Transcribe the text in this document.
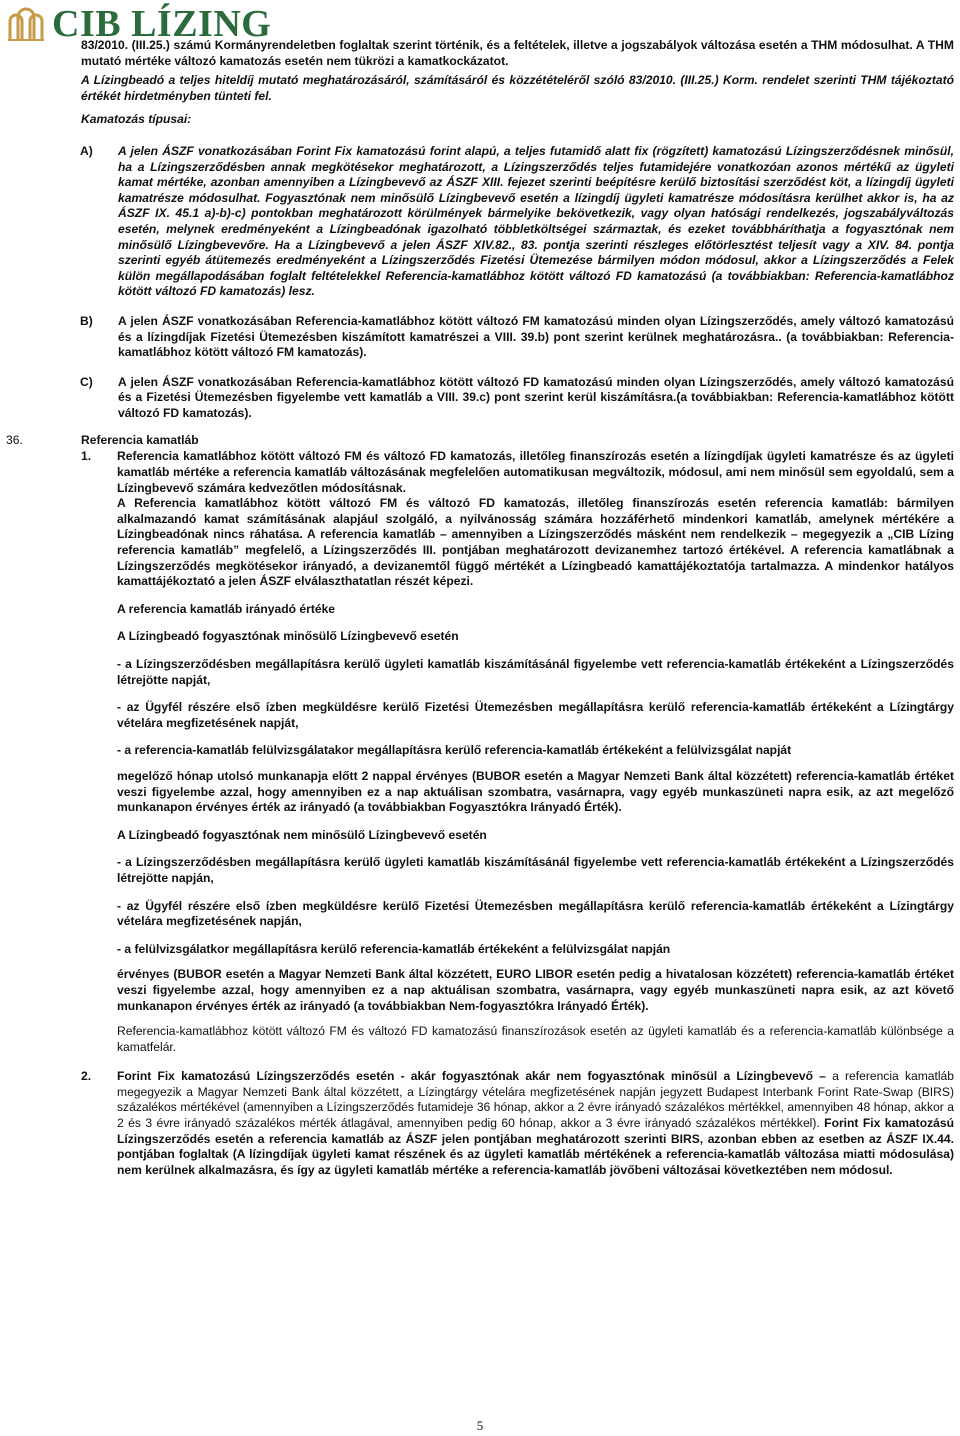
CIB LÍZING

83/2010. (III.25.) számú Kormányrendeletben foglaltak szerint történik, és a feltételek, illetve a jogszabályok változása esetén a THM módosulhat. A THM mutató mértéke változó kamatozás esetén nem tükrözi a kamatkockázatot.

A Lízingbeadó a teljes hiteldíj mutató meghatározásáról, számításáról és közzétételéről szóló 83/2010. (III.25.) Korm. rendelet szerinti THM tájékoztató értékét hirdetményben tünteti fel.

Kamatozás típusai:

A) A jelen ÁSZF vonatkozásában Forint Fix kamatozású forint alapú, a teljes futamidő alatt fix (rögzített) kamatozású Lízingszerződésnek minősül, ha a Lízingszerződésben annak megkötésekor meghatározott, a Lízingszerződés teljes futamidejére vonatkozóan azonos mértékű az ügyleti kamat mértéke, azonban amennyiben a Lízingbevevő az ÁSZF XIII. fejezet szerinti beépítésre kerülő biztosítási szerződést köt, a lízingdíj ügyleti kamatrésze módosulhat. Fogyasztónak nem minősülő Lízingbevevő esetén a lízingdíj ügyleti kamatrésze módosításra kerülhet akkor is, ha az ÁSZF IX. 45.1 a)-b)-c) pontokban meghatározott körülmények bármelyike bekövetkezik, vagy olyan hatósági rendelkezés, jogszabályváltozás esetén, melynek eredményeként a Lízingbeadónak igazolható többletköltségei származtak, és ezeket továbbháríthatja a fogyasztónak nem minősülő Lízingbevevőre. Ha a Lízingbevevő a jelen ÁSZF XIV.82., 83. pontja szerinti részleges előtörlesztést teljesít vagy a XIV. 84. pontja szerinti egyéb átütemezés eredményeként a Lízingszerződés Fizetési Ütemezése bármilyen módon módosul, akkor a Lízingszerződés a Felek külön megállapodásában foglalt feltételekkel Referencia-kamatlábhoz kötött változó FD kamatozású (a továbbiakban: Referencia-kamatlábhoz kötött változó FD kamatozás) lesz.

B) A jelen ÁSZF vonatkozásában Referencia-kamatlábhoz kötött változó FM kamatozású minden olyan Lízingszerződés, amely változó kamatozású és a lízingdíjak Fizetési Ütemezésben kiszámított kamatrészei a VIII. 39.b) pont szerint kerülnek meghatározásra.. (a továbbiakban: Referencia-kamatlábhoz kötött változó FM kamatozás).

C) A jelen ÁSZF vonatkozásában Referencia-kamatlábhoz kötött változó FD kamatozású minden olyan Lízingszerződés, amely változó kamatozású és a Fizetési Ütemezésben figyelembe vett kamatláb a VIII. 39.c) pont szerint kerül kiszámításra.(a továbbiakban: Referencia-kamatlábhoz kötött változó FD kamatozás).

36.	Referencia kamatláb
1. Referencia kamatlábhoz kötött változó FM és változó FD kamatozás, illetőleg finanszírozás esetén a lízingdíjak ügyleti kamatrésze és az ügyleti kamatláb mértéke a referencia kamatláb változásának megfelelően automatikusan megváltozik, módosul, ami nem minősül sem egyoldalú, sem a Lízingbevevő számára kedvezőtlen módosításnak.

A Referencia kamatlábhoz kötött változó FM és változó FD kamatozás, illetőleg finanszírozás esetén referencia kamatláb: bármilyen alkalmazandó kamat számításának alapjául szolgáló, a nyilvánosság számára hozzáférhető mindenkori kamatláb, amelynek mértékére a Lízingbeadónak nincs ráhatása. A referencia kamatláb – amennyiben a Lízingszerződés másként nem rendelkezik – megegyezik a „CIB Lízing referencia kamatláb” megfelelő, a Lízingszerződés III. pontjában meghatározott devizanemhez tartozó értékével. A referencia kamatlábnak a Lízingszerződés megkötésekor irányadó, a devizanemtől függő mértékét a Lízingbeadó kamattájékoztatója tartalmazza. A mindenkor hatályos kamattájékoztató a jelen ÁSZF elválaszthatatlan részét képezi.

A referencia kamatláb irányadó értéke

A Lízingbeadó fogyasztónak minősülő Lízingbevevő esetén

- a Lízingszerződésben megállapításra kerülő ügyleti kamatláb kiszámításánál figyelembe vett referencia-kamatláb értékeként a Lízingszerződés létrejötte napját,

- az Ügyfél részére első ízben megküldésre kerülő Fizetési Ütemezésben megállapításra kerülő referencia-kamatláb értékeként a Lízingtárgy vételára megfizetésének napját,

- a referencia-kamatláb felülvizsgálatakor megállapításra kerülő referencia-kamatláb értékeként a felülvizsgálat napját

megelőző hónap utolsó munkanapja előtt 2 nappal érvényes (BUBOR esetén a Magyar Nemzeti Bank által közzétett) referencia-kamatláb értéket veszi figyelembe azzal, hogy amennyiben ez a nap aktuálisan szombatra, vasárnapra, vagy egyéb munkaszüneti napra esik, az azt megelőző munkanapon érvényes érték az irányadó (a továbbiakban Fogyasztókra Irányadó Érték).

A Lízingbeadó fogyasztónak nem minősülő Lízingbevevő esetén

- a Lízingszerződésben megállapításra kerülő ügyleti kamatláb kiszámításánál figyelembe vett referencia-kamatláb értékeként a Lízingszerződés létrejötte napján,

- az Ügyfél részére első ízben megküldésre kerülő Fizetési Ütemezésben megállapításra kerülő referencia-kamatláb értékeként a Lízingtárgy vételára megfizetésének napján,

- a felülvizsgálatkor megállapításra kerülő referencia-kamatláb értékeként a felülvizsgálat napján

érvényes (BUBOR esetén a Magyar Nemzeti Bank által közzétett, EURO LIBOR esetén pedig a hivatalosan közzétett) referencia-kamatláb értéket veszi figyelembe azzal, hogy amennyiben ez a nap aktuálisan szombatra, vasárnapra, vagy egyéb munkaszüneti napra esik, az azt követő munkanapon érvényes érték az irányadó (a továbbiakban Nem-fogyasztókra Irányadó Érték).

Referencia-kamatlábhoz kötött változó FM és változó FD kamatozású finanszírozások esetén az ügyleti kamatláb és a referencia-kamatláb különbsége a kamatfelár.

2. Forint Fix kamatozású Lízingszerződés esetén - akár fogyasztónak akár nem fogyasztónak minősül a Lízingbevevő – a referencia kamatláb megegyezik a Magyar Nemzeti Bank által közzétett, a Lízingtárgy vételára megfizetésének napján jegyzett Budapest Interbank Forint Rate-Swap (BIRS) százalékos mértékével (amennyiben a Lízingszerződés futamideje 36 hónap, akkor a 2 évre irányadó százalékos mértékkel, amennyiben 48 hónap, akkor a 2 és 3 évre irányadó százalékos mérték átlagával, amennyiben pedig 60 hónap, akkor a 3 évre irányadó százalékos mértékkel). Forint Fix kamatozású Lízingszerződés esetén a referencia kamatláb az ÁSZF jelen pontjában meghatározott szerinti BIRS, azonban ebben az esetben az ÁSZF IX.44. pontjában foglaltak (A lízingdíjak ügyleti kamat részének és az ügyleti kamatláb mértékének a referencia-kamatláb változása miatti módosulása) nem kerülnek alkalmazásra, és így az ügyleti kamatláb mértéke a referencia-kamatláb jövőbeni változásai következtében nem módosul.

5
